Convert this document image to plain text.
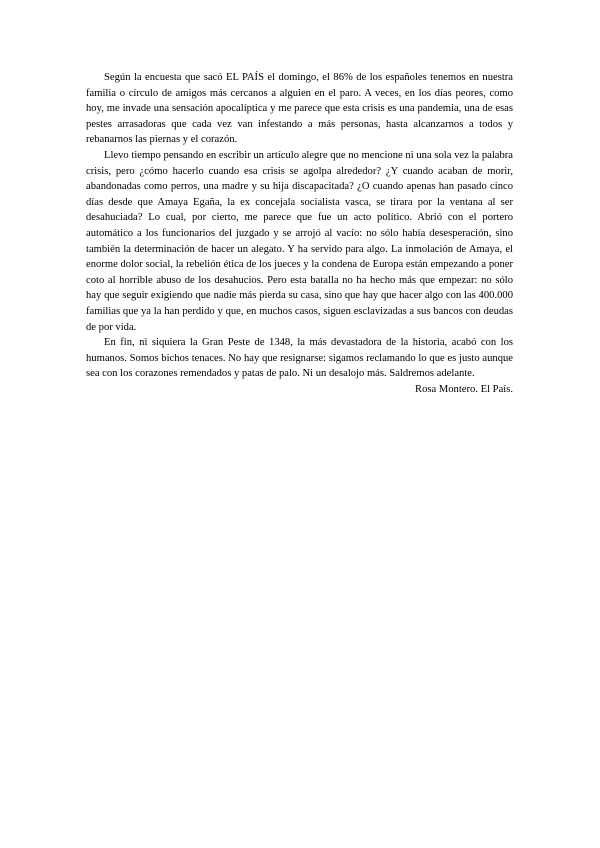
Según la encuesta que sacó EL PAÍS el domingo, el 86% de los españoles tenemos en nuestra familia o círculo de amigos más cercanos a alguien en el paro. A veces, en los días peores, como hoy, me invade una sensación apocalíptica y me parece que esta crisis es una pandemia, una de esas pestes arrasadoras que cada vez van infestando a más personas, hasta alcanzarnos a todos y rebanarnos las piernas y el corazón.

Llevo tiempo pensando en escribir un artículo alegre que no mencione ni una sola vez la palabra crisis, pero ¿cómo hacerlo cuando esa crisis se agolpa alrededor? ¿Y cuando acaban de morir, abandonadas como perros, una madre y su hija discapacitada? ¿O cuando apenas han pasado cinco días desde que Amaya Egaña, la ex concejala socialista vasca, se tirara por la ventana al ser desahuciada? Lo cual, por cierto, me parece que fue un acto político. Abrió con el portero automático a los funcionarios del juzgado y se arrojó al vacío: no sólo había desesperación, sino también la determinación de hacer un alegato. Y ha servido para algo. La inmolación de Amaya, el enorme dolor social, la rebelión ética de los jueces y la condena de Europa están empezando a poner coto al horrible abuso de los desahucios. Pero esta batalla no ha hecho más que empezar: no sólo hay que seguir exigiendo que nadie más pierda su casa, sino que hay que hacer algo con las 400.000 familias que ya la han perdido y que, en muchos casos, siguen esclavizadas a sus bancos con deudas de por vida.

En fin, ni siquiera la Gran Peste de 1348, la más devastadora de la historia, acabó con los humanos. Somos bichos tenaces. No hay que resignarse: sigamos reclamando lo que es justo aunque sea con los corazones remendados y patas de palo. Ni un desalojo más. Saldremos adelante.

Rosa Montero. El País.
